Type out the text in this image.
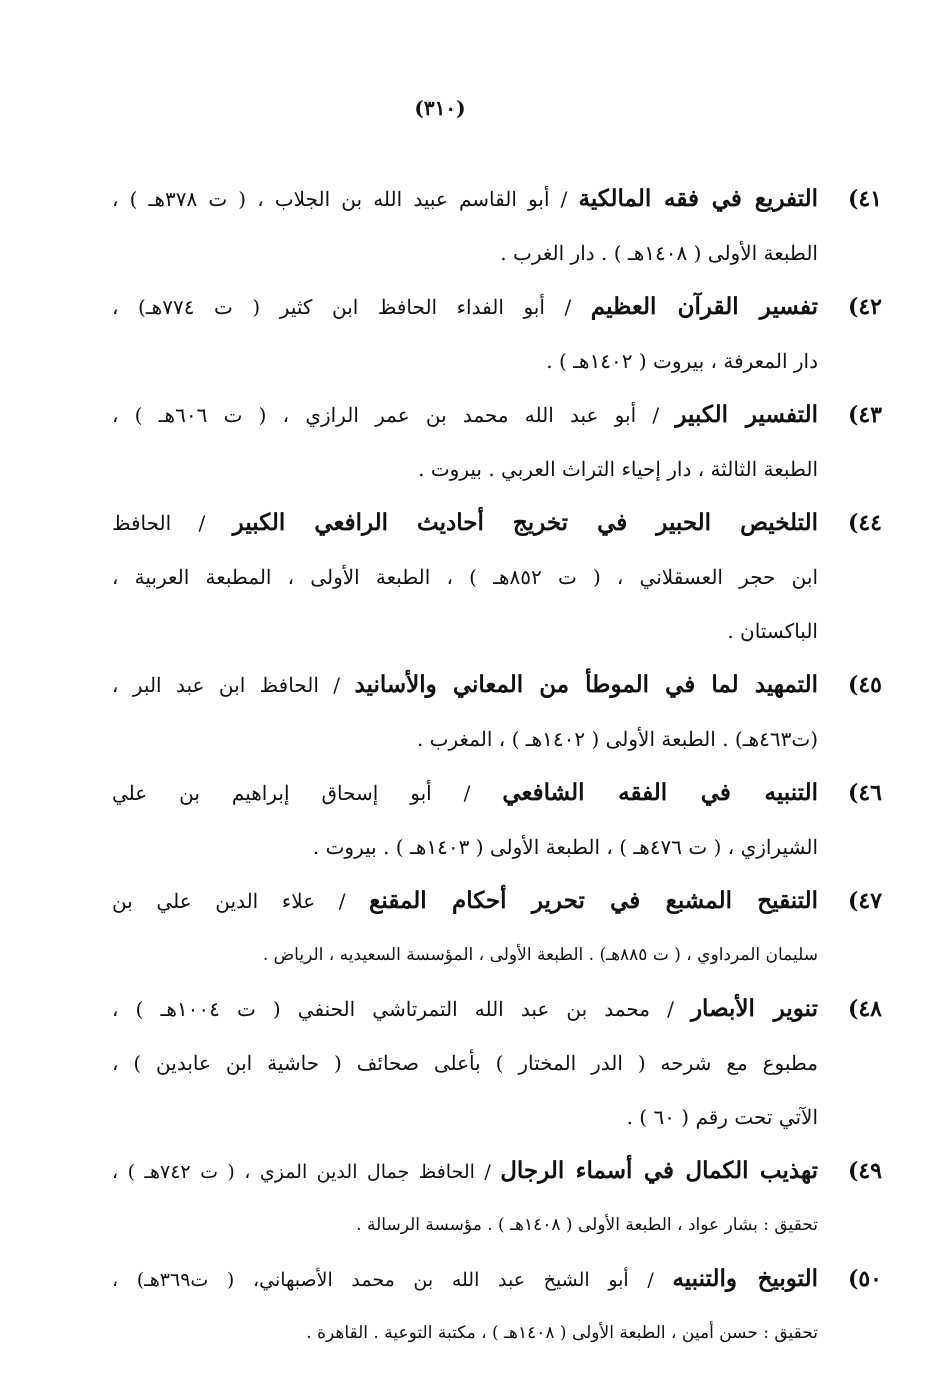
(٣١٠)
٤١)
التفريع في فقه المالكية / أبو القاسم عبيد الله بن الجلاب ، ( ت ٣٧٨هـ ) ،
الطبعة الأولى ( ١٤٠٨هـ ) . دار الغرب .
٤٢)
تفسير القرآن العظيم / أبو الفداء الحافظ ابن كثير ( ت ٧٧٤هـ) ،
دار المعرفة ، بيروت ( ١٤٠٢هـ ) .
٤٣)
التفسير الكبير / أبو عبد الله محمد بن عمر الرازي ، ( ت ٦٠٦هـ ) ،
الطبعة الثالثة ، دار إحياء التراث العربي . بيروت .
٤٤)
التلخيص الحبير في تخريج أحاديث الرافعي الكبير / الحافظ
ابن حجر العسقلاني ، ( ت ٨٥٢هـ ) ، الطبعة الأولى ، المطبعة العربية ،
الباكستان .
٤٥)
التمهيد لما في الموطأ من المعاني والأسانيد / الحافظ ابن عبد البر ،
(ت٤٦٣هـ) . الطبعة الأولى ( ١٤٠٢هـ ) ، المغرب .
٤٦)
التنبيه في الفقه الشافعي / أبو إسحاق إبراهيم بن علي
الشيرازي ، ( ت ٤٧٦هـ ) ، الطبعة الأولى ( ١٤٠٣هـ ) . بيروت .
٤٧)
التنقيح المشبع في تحرير أحكام المقنع / علاء الدين علي بن
سليمان المرداوي ، ( ت ٨٨٥هـ) . الطبعة الأولى ، المؤسسة السعيديه ، الرياض .
٤٨)
تنوير الأبصار / محمد بن عبد الله التمرتاشي الحنفي ( ت ١٠٠٤هـ ) ،
مطبوع مع شرحه ( الدر المختار ) بأعلى صحائف ( حاشية ابن عابدين ) ،
الآتي تحت رقم ( ٦٠ ) .
٤٩)
تهذيب الكمال في أسماء الرجال / الحافظ جمال الدين المزي ، ( ت ٧٤٢هـ ) ،
تحقيق : بشار عواد ، الطبعة الأولى ( ١٤٠٨هـ ) . مؤسسة الرسالة .
٥٠)
التوبيخ والتنبيه / أبو الشيخ عبد الله بن محمد الأصبهاني، ( ت٣٦٩هـ) ،
تحقيق : حسن أمين ، الطبعة الأولى ( ١٤٠٨هـ ) ، مكتبة التوعية . القاهرة .
